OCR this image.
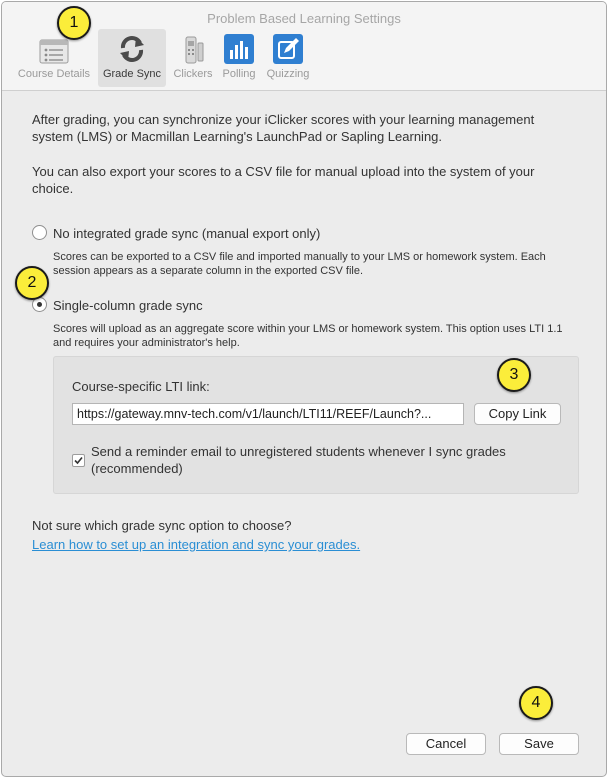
Problem Based Learning Settings
Course Details	Grade Sync	Clickers Polling	Quizzing
After grading, you can synchronize your iClicker scores with your learning management system (LMS) or Macmillan Learning's LaunchPad or Sapling Learning.
You can also export your scores to a CSV file for manual upload into the system of your choice.
No integrated grade sync (manual export only)
Scores can be exported to a CSV file and imported manually to your LMS or homework system. Each session appears as a separate column in the exported CSV file.
Single-column grade sync
Scores will upload as an aggregate score within your LMS or homework system. This option uses LTI 1.1 and requires your administrator's help.
Course-specific LTI link:
https://gateway.mnv-tech.com/v1/launch/LTI11/REEF/Launch?...
Copy Link
Send a reminder email to unregistered students whenever I sync grades (recommended)
Not sure which grade sync option to choose?
Learn how to set up an integration and sync your grades.
Cancel	Save
1
2
3
4
